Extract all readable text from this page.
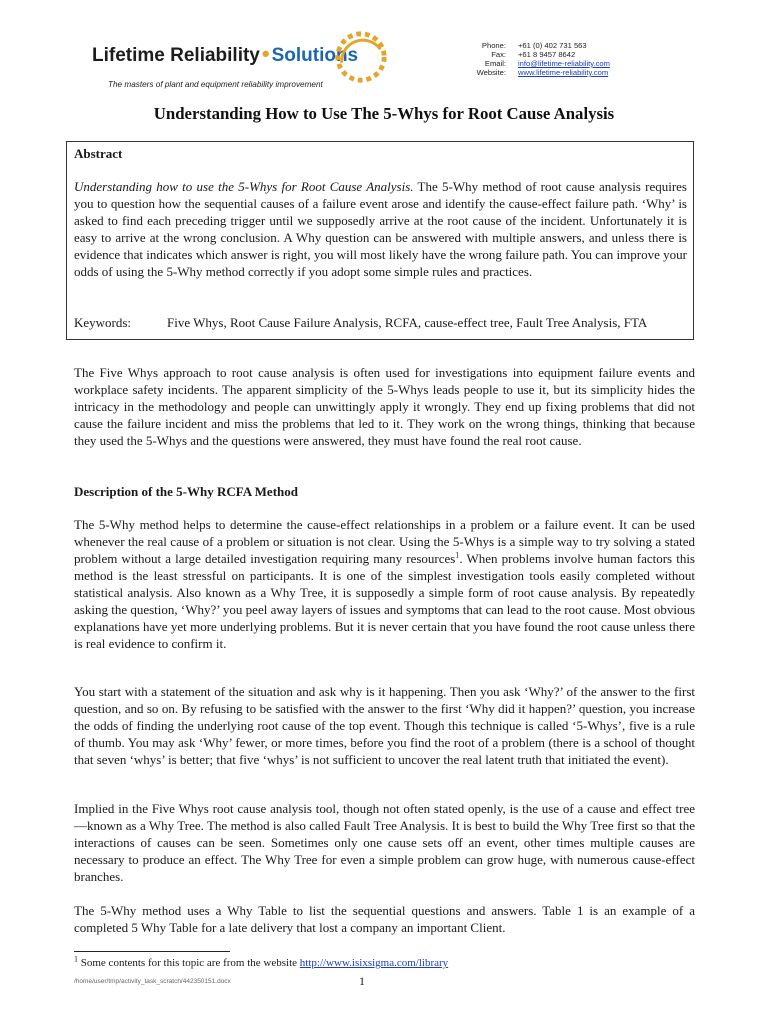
Lifetime Reliability• Solutions
The masters of plant and equipment reliability improvement
Phone: +61 (0) 402 731 563
Fax: +61 8 9457 8642
Email: info@lifetime-reliability.com
Website: www.lifetime-reliability.com
Understanding How to Use The 5-Whys for Root Cause Analysis
Abstract
Understanding how to use the 5-Whys for Root Cause Analysis. The 5-Why method of root cause analysis requires you to question how the sequential causes of a failure event arose and identify the cause-effect failure path. ‘Why’ is asked to find each preceding trigger until we supposedly arrive at the root cause of the incident. Unfortunately it is easy to arrive at the wrong conclusion. A Why question can be answered with multiple answers, and unless there is evidence that indicates which answer is right, you will most likely have the wrong failure path. You can improve your odds of using the 5-Why method correctly if you adopt some simple rules and practices.
Keywords:	Five Whys, Root Cause Failure Analysis, RCFA, cause-effect tree, Fault Tree Analysis, FTA
The Five Whys approach to root cause analysis is often used for investigations into equipment failure events and workplace safety incidents. The apparent simplicity of the 5-Whys leads people to use it, but its simplicity hides the intricacy in the methodology and people can unwittingly apply it wrongly. They end up fixing problems that did not cause the failure incident and miss the problems that led to it. They work on the wrong things, thinking that because they used the 5-Whys and the questions were answered, they must have found the real root cause.
Description of the 5-Why RCFA Method
The 5-Why method helps to determine the cause-effect relationships in a problem or a failure event. It can be used whenever the real cause of a problem or situation is not clear. Using the 5-Whys is a simple way to try solving a stated problem without a large detailed investigation requiring many resources$^1$. When problems involve human factors this method is the least stressful on participants. It is one of the simplest investigation tools easily completed without statistical analysis. Also known as a Why Tree, it is supposedly a simple form of root cause analysis. By repeatedly asking the question, ‘Why?’ you peel away layers of issues and symptoms that can lead to the root cause. Most obvious explanations have yet more underlying problems. But it is never certain that you have found the root cause unless there is real evidence to confirm it.
You start with a statement of the situation and ask why is it happening. Then you ask ‘Why?’ of the answer to the first question, and so on. By refusing to be satisfied with the answer to the first ‘Why did it happen?’ question, you increase the odds of finding the underlying root cause of the top event. Though this technique is called ‘5-Whys’, five is a rule of thumb. You may ask ‘Why’ fewer, or more times, before you find the root of a problem (there is a school of thought that seven ‘whys’ is better; that five ‘whys’ is not sufficient to uncover the real latent truth that initiated the event).
Implied in the Five Whys root cause analysis tool, though not often stated openly, is the use of a cause and effect tree—known as a Why Tree. The method is also called Fault Tree Analysis. It is best to build the Why Tree first so that the interactions of causes can be seen. Sometimes only one cause sets off an event, other times multiple causes are necessary to produce an effect. The Why Tree for even a simple problem can grow huge, with numerous cause-effect branches.
The 5-Why method uses a Why Table to list the sequential questions and answers. Table 1 is an example of a completed 5 Why Table for a late delivery that lost a company an important Client.
$^1$ Some contents for this topic are from the website http://www.isixsigma.com/library
/home/user/tmp/activity_task_scratch/442350151.docx	1
